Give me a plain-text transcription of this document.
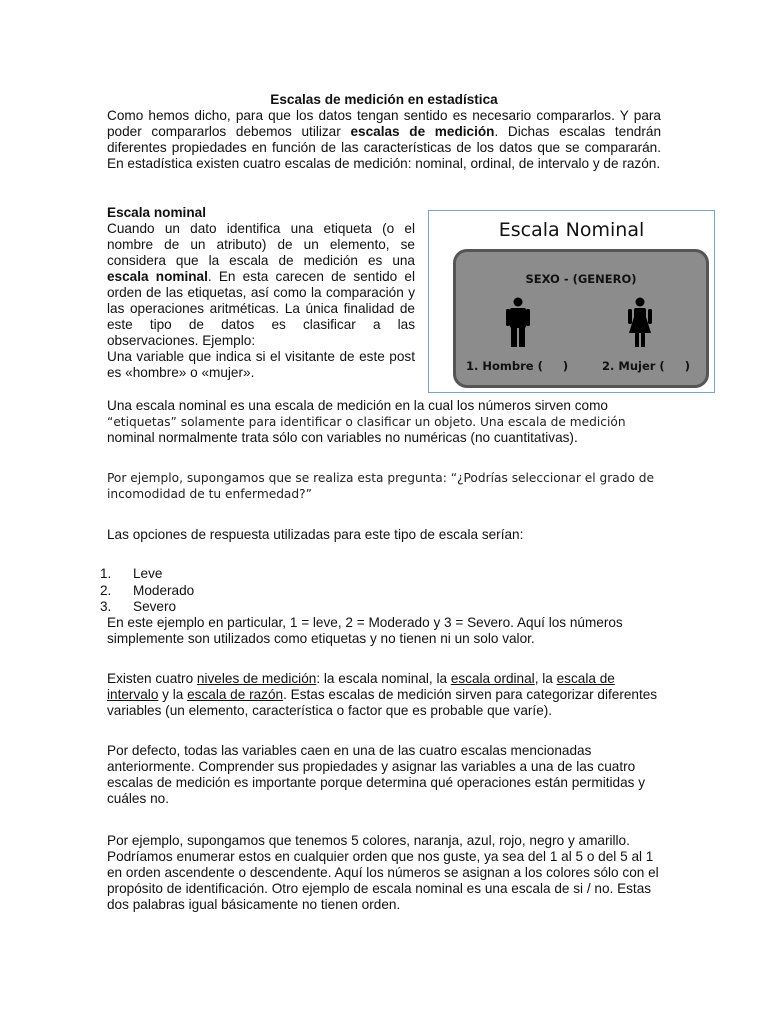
Escalas de medición en estadística

Como hemos dicho, para que los datos tengan sentido es necesario compararlos. Y para poder compararlos debemos utilizar escalas de medición. Dichas escalas tendrán diferentes propiedades en función de las características de los datos que se compararán. En estadística existen cuatro escalas de medición: nominal, ordinal, de intervalo y de razón.

Escala nominal
Cuando un dato identifica una etiqueta (o el nombre de un atributo) de un elemento, se considera que la escala de medición es una escala nominal. En esta carecen de sentido el orden de las etiquetas, así como la comparación y las operaciones aritméticas. La única finalidad de este tipo de datos es clasificar a las observaciones. Ejemplo:
Una variable que indica si el visitante de este post es «hombre» o «mujer».
Escala Nominal
SEXO - (GENERO)
1. Hombre (     )	2. Mujer (     )
Una escala nominal es una escala de medición en la cual los números sirven como
“etiquetas” solamente para identificar o clasificar un objeto. Una escala de medición
nominal normalmente trata sólo con variables no numéricas (no cuantitativas).

Por ejemplo, supongamos que se realiza esta pregunta: “¿Podrías seleccionar el grado de incomodidad de tu enfermedad?”

Las opciones de respuesta utilizadas para este tipo de escala serían:

1. Leve
2. Moderado
3. Severo

En este ejemplo en particular, 1 = leve, 2 = Moderado y 3 = Severo. Aquí los números simplemente son utilizados como etiquetas y no tienen ni un solo valor.

Existen cuatro niveles de medición: la escala nominal, la escala ordinal, la escala de intervalo y la escala de razón. Estas escalas de medición sirven para categorizar diferentes variables (un elemento, característica o factor que es probable que varíe).

Por defecto, todas las variables caen en una de las cuatro escalas mencionadas anteriormente. Comprender sus propiedades y asignar las variables a una de las cuatro escalas de medición es importante porque determina qué operaciones están permitidas y cuáles no.

Por ejemplo, supongamos que tenemos 5 colores, naranja, azul, rojo, negro y amarillo. Podríamos enumerar estos en cualquier orden que nos guste, ya sea del 1 al 5 o del 5 al 1 en orden ascendente o descendente. Aquí los números se asignan a los colores sólo con el propósito de identificación. Otro ejemplo de escala nominal es una escala de si / no. Estas dos palabras igual básicamente no tienen orden.
